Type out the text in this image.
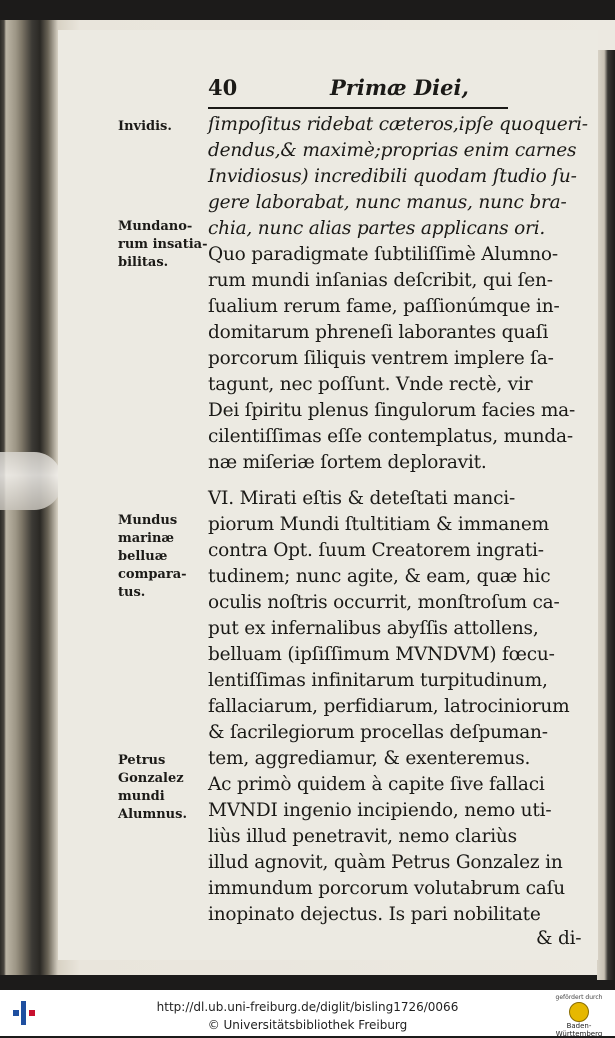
40	Primæ Diei,
Invidis.
Mundano-
rum insatia-
bilitas.
Mundus
marinæ
belluæ
compara-
tus.
Petrus
Gonzalez
mundi
Alumnus.
ſimpoſitus ridebat cæteros,ipſe quoqueri-
dendus,& maximè;proprias enim carnes
Invidiosus) incredibili quodam ſtudio ſu-
gere laborabat, nunc manus, nunc bra-
chia, nunc alias partes applicans ori.
Quo paradigmate ſubtiliſſimè Alumno-
rum mundi inſanias deſcribit, qui ſen-
ſualium rerum fame, paſſionúmque in-
domitarum phreneſi laborantes quaſi
porcorum ſiliquis ventrem implere ſa-
tagunt, nec poſſunt. Vnde rectè, vir
Dei ſpiritu plenus ſingulorum facies ma-
cilentiſſimas eſſe contemplatus, munda-
næ miſeriæ ſortem deploravit.
VI. Mirati eſtis & deteſtati manci-
piorum Mundi ſtultitiam & immanem
contra Opt. ſuum Creatorem ingrati-
tudinem; nunc agite, & eam, quæ hic
oculis noſtris occurrit, monſtroſum ca-
put ex infernalibus abyſſis attollens,
belluam (ipſiſſimum MVNDVM) fœcu-
lentiſſimas infinitarum turpitudinum,
fallaciarum, perfidiarum, latrociniorum
& ſacrilegiorum procellas deſpuman-
tem, aggrediamur, & exenteremus.
Ac primò quidem à capite ſive fallaci
MVNDI ingenio incipiendo, nemo uti-
liùs illud penetravit, nemo clariùs
illud agnovit, quàm Petrus Gonzalez in
immundum porcorum volutabrum caſu
inopinato dejectus. Is pari nobilitate
& di-
http://dl.ub.uni-freiburg.de/diglit/bisling1726/0066
© Universitätsbibliothek Freiburg
gefördert durch
Baden-Württemberg
